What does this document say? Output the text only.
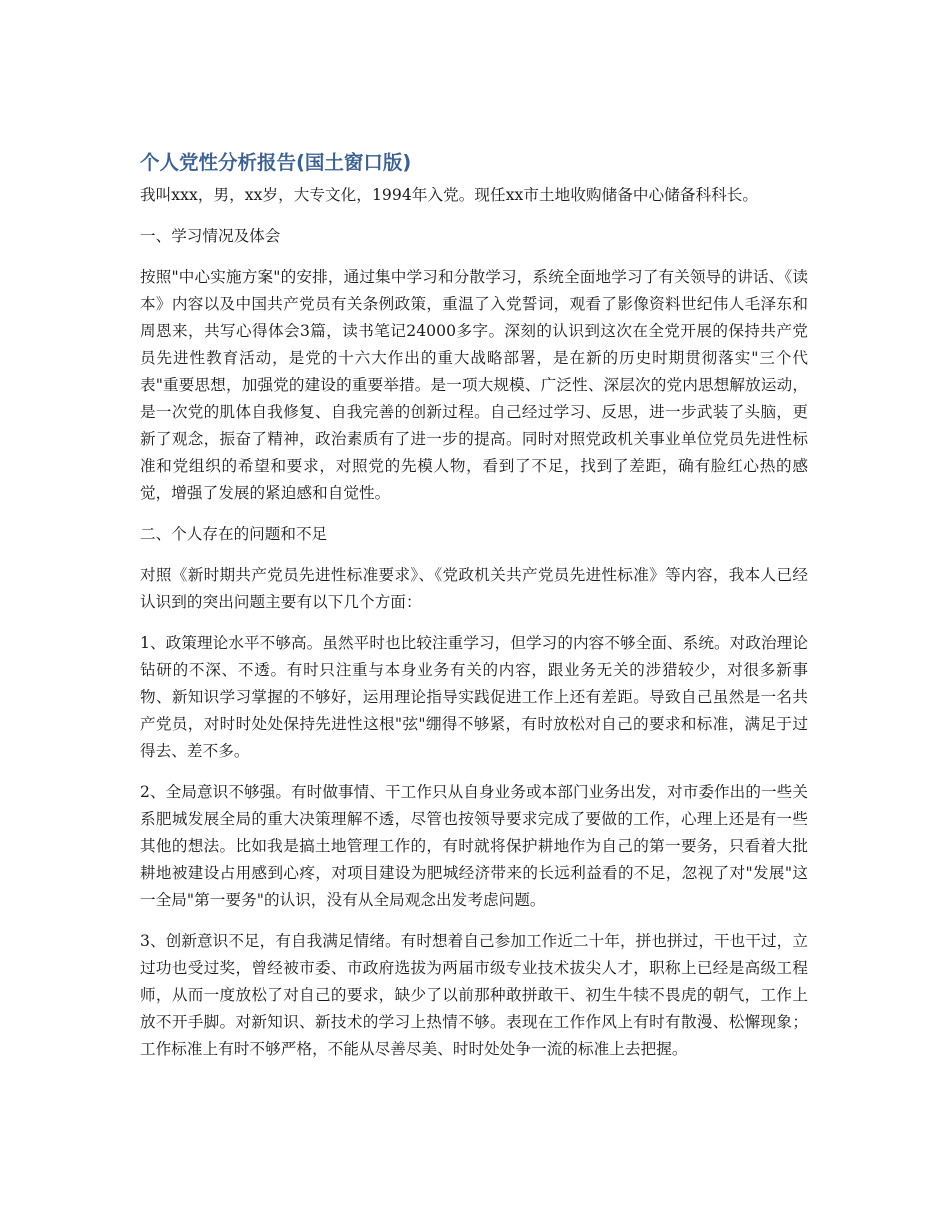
个人党性分析报告(国土窗口版)

我叫xxx，男，xx岁，大专文化，1994年入党。现任xx市土地收购储备中心储备科科长。

一、学习情况及体会

按照"中心实施方案"的安排，通过集中学习和分散学习，系统全面地学习了有关领导的讲话、《读本》内容以及中国共产党员有关条例政策，重温了入党誓词，观看了影像资料世纪伟人毛泽东和周恩来，共写心得体会3篇，读书笔记24000多字。深刻的认识到这次在全党开展的保持共产党员先进性教育活动，是党的十六大作出的重大战略部署，是在新的历史时期贯彻落实"三个代表"重要思想，加强党的建设的重要举措。是一项大规模、广泛性、深层次的党内思想解放运动，是一次党的肌体自我修复、自我完善的创新过程。自己经过学习、反思，进一步武装了头脑，更新了观念，振奋了精神，政治素质有了进一步的提高。同时对照党政机关事业单位党员先进性标准和党组织的希望和要求，对照党的先模人物，看到了不足，找到了差距，确有脸红心热的感觉，增强了发展的紧迫感和自觉性。

二、个人存在的问题和不足

对照《新时期共产党员先进性标准要求》、《党政机关共产党员先进性标准》等内容，我本人已经认识到的突出问题主要有以下几个方面：

1、政策理论水平不够高。虽然平时也比较注重学习，但学习的内容不够全面、系统。对政治理论钻研的不深、不透。有时只注重与本身业务有关的内容，跟业务无关的涉猎较少，对很多新事物、新知识学习掌握的不够好，运用理论指导实践促进工作上还有差距。导致自己虽然是一名共产党员，对时时处处保持先进性这根"弦"绷得不够紧，有时放松对自己的要求和标准，满足于过得去、差不多。

2、全局意识不够强。有时做事情、干工作只从自身业务或本部门业务出发，对市委作出的一些关系肥城发展全局的重大决策理解不透，尽管也按领导要求完成了要做的工作，心理上还是有一些其他的想法。比如我是搞土地管理工作的，有时就将保护耕地作为自己的第一要务，只看着大批耕地被建设占用感到心疼，对项目建设为肥城经济带来的长远利益看的不足，忽视了对"发展"这一全局"第一要务"的认识，没有从全局观念出发考虑问题。

3、创新意识不足，有自我满足情绪。有时想着自己参加工作近二十年，拼也拼过，干也干过，立过功也受过奖，曾经被市委、市政府选拔为两届市级专业技术拔尖人才，职称上已经是高级工程师，从而一度放松了对自己的要求，缺少了以前那种敢拼敢干、初生牛犊不畏虎的朝气，工作上放不开手脚。对新知识、新技术的学习上热情不够。表现在工作作风上有时有散漫、松懈现象；工作标准上有时不够严格，不能从尽善尽美、时时处处争一流的标准上去把握。
